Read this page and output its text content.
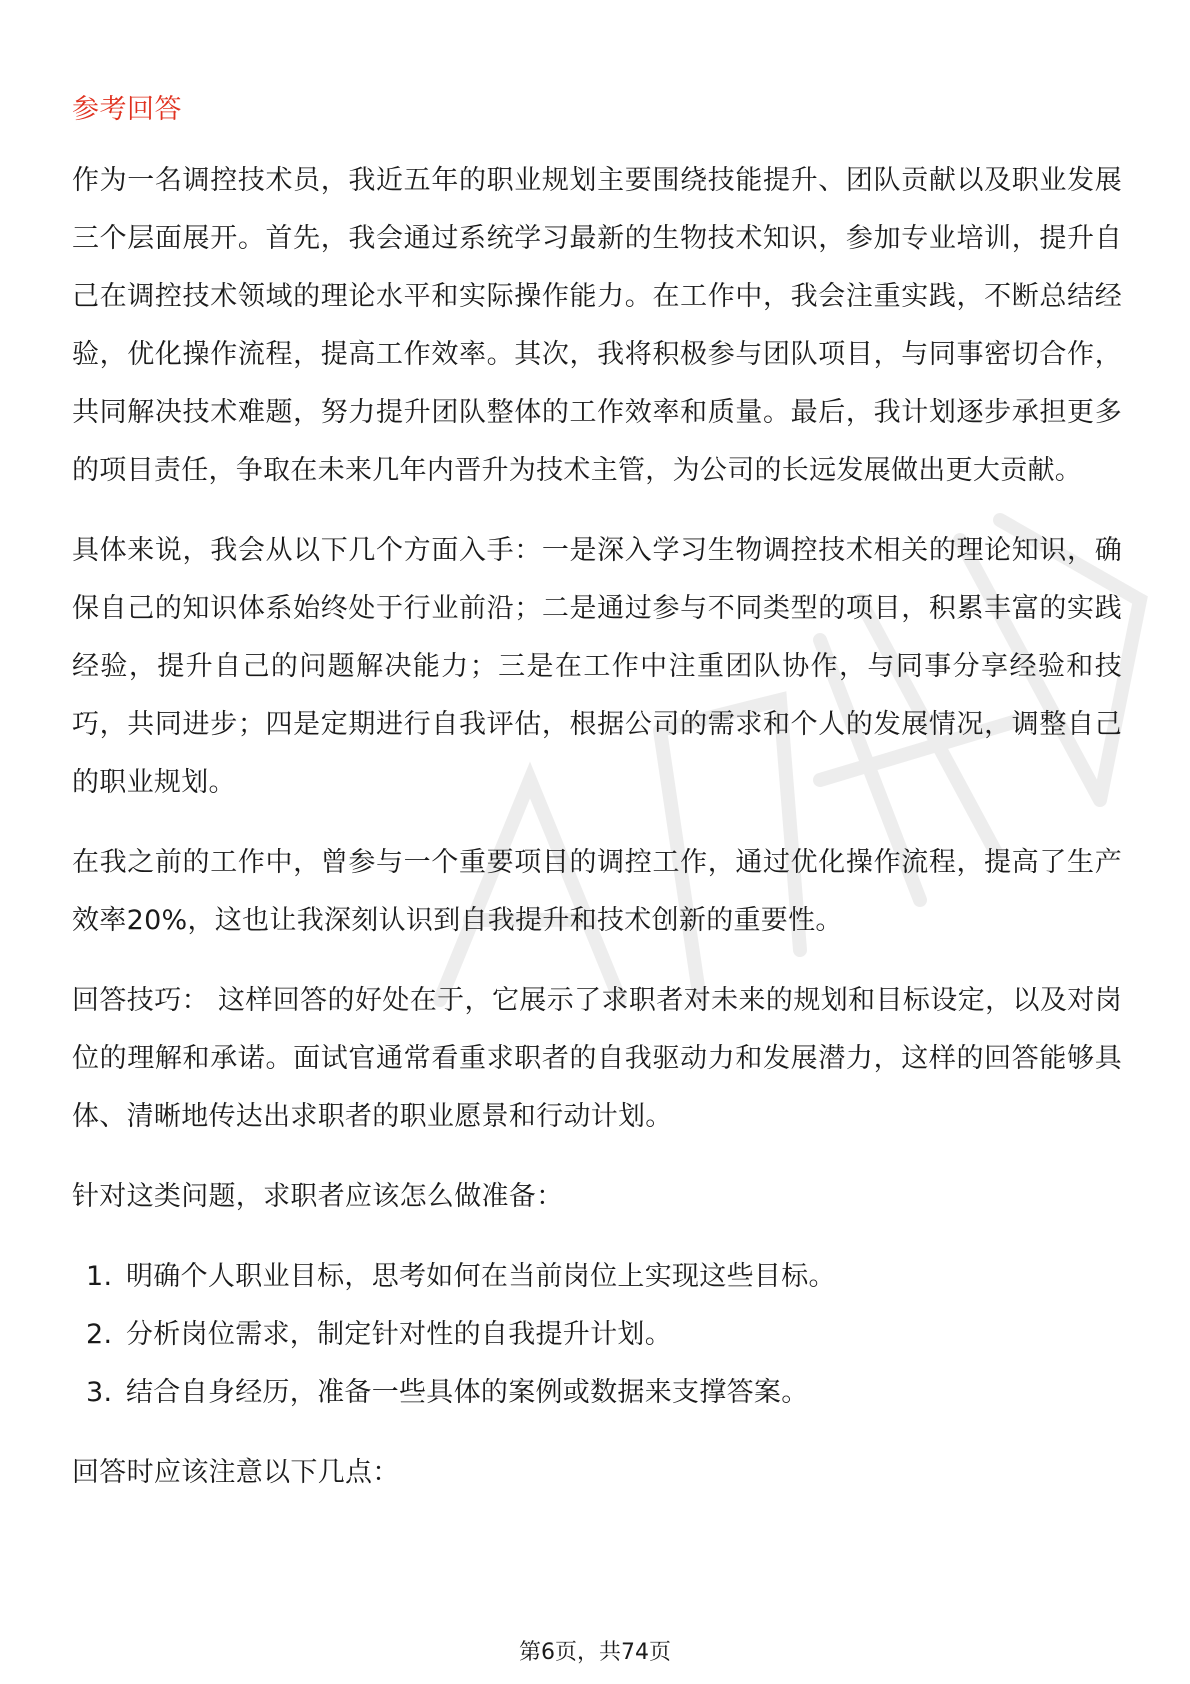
参考回答

作为一名调控技术员，我近五年的职业规划主要围绕技能提升、团队贡献以及职业发展三个层面展开。首先，我会通过系统学习最新的生物技术知识，参加专业培训，提升自己在调控技术领域的理论水平和实际操作能力。在工作中，我会注重实践，不断总结经验，优化操作流程，提高工作效率。其次，我将积极参与团队项目，与同事密切合作，共同解决技术难题，努力提升团队整体的工作效率和质量。最后，我计划逐步承担更多的项目责任，争取在未来几年内晋升为技术主管，为公司的长远发展做出更大贡献。

具体来说，我会从以下几个方面入手：一是深入学习生物调控技术相关的理论知识，确保自己的知识体系始终处于行业前沿；二是通过参与不同类型的项目，积累丰富的实践经验，提升自己的问题解决能力；三是在工作中注重团队协作，与同事分享经验和技巧，共同进步；四是定期进行自我评估，根据公司的需求和个人的发展情况，调整自己的职业规划。

在我之前的工作中，曾参与一个重要项目的调控工作，通过优化操作流程，提高了生产效率20%，这也让我深刻认识到自我提升和技术创新的重要性。

回答技巧： 这样回答的好处在于，它展示了求职者对未来的规划和目标设定，以及对岗位的理解和承诺。面试官通常看重求职者的自我驱动力和发展潜力，这样的回答能够具体、清晰地传达出求职者的职业愿景和行动计划。

针对这类问题，求职者应该怎么做准备：

1. 明确个人职业目标，思考如何在当前岗位上实现这些目标。
2. 分析岗位需求，制定针对性的自我提升计划。
3. 结合自身经历，准备一些具体的案例或数据来支撑答案。

回答时应该注意以下几点：

第6页，共74页
